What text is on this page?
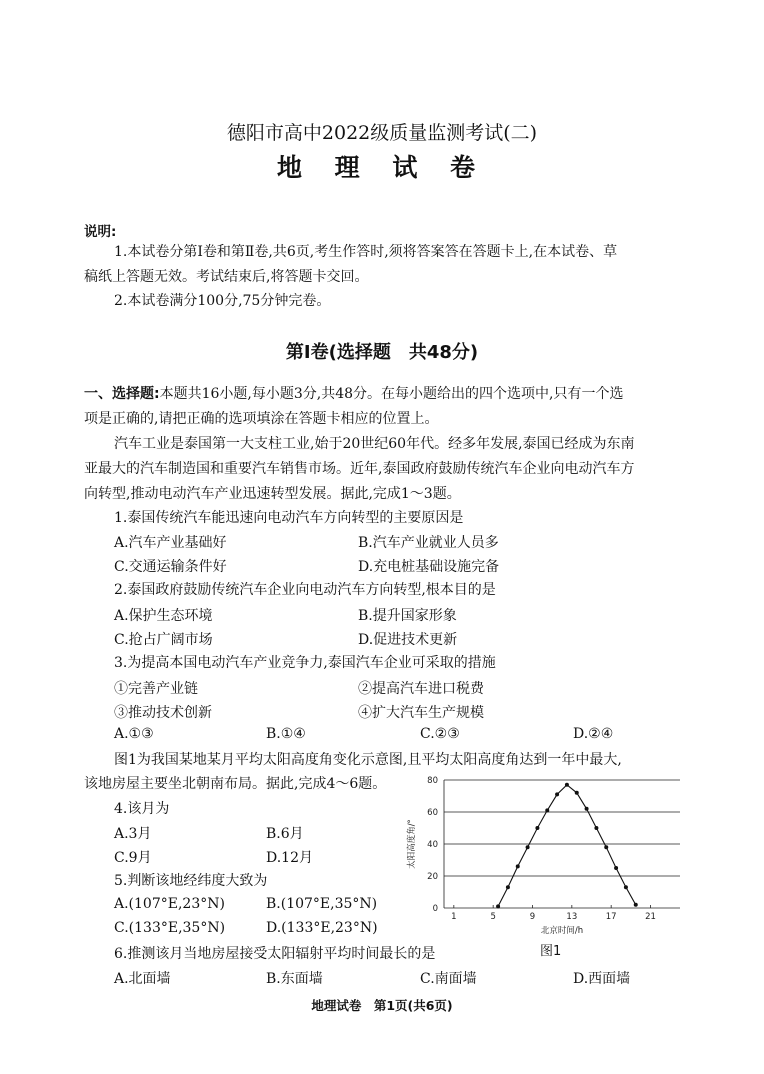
德阳市高中2022级质量监测考试(二)
地 理 试 卷
说明:
1.本试卷分第Ⅰ卷和第Ⅱ卷,共6页,考生作答时,须将答案答在答题卡上,在本试卷、草
稿纸上答题无效。考试结束后,将答题卡交回。
2.本试卷满分100分,75分钟完卷。
第Ⅰ卷(选择题　共48分)
一、选择题:本题共16小题,每小题3分,共48分。在每小题给出的四个选项中,只有一个选
项是正确的,请把正确的选项填涂在答题卡相应的位置上。
汽车工业是泰国第一大支柱工业,始于20世纪60年代。经多年发展,泰国已经成为东南
亚最大的汽车制造国和重要汽车销售市场。近年,泰国政府鼓励传统汽车企业向电动汽车方
向转型,推动电动汽车产业迅速转型发展。据此,完成1～3题。
1.泰国传统汽车能迅速向电动汽车方向转型的主要原因是
A.汽车产业基础好	B.汽车产业就业人员多
C.交通运输条件好	D.充电桩基础设施完备
2.泰国政府鼓励传统汽车企业向电动汽车方向转型,根本目的是
A.保护生态环境	B.提升国家形象
C.抢占广阔市场	D.促进技术更新
3.为提高本国电动汽车产业竞争力,泰国汽车企业可采取的措施
①完善产业链	②提高汽车进口税费
③推动技术创新	④扩大汽车生产规模
A.①③	B.①④	C.②③	D.②④
图1为我国某地某月平均太阳高度角变化示意图,且平均太阳高度角达到一年中最大,
该地房屋主要坐北朝南布局。据此,完成4～6题。
4.该月为
A.3月	B.6月
C.9月	D.12月
5.判断该地经纬度大致为
A.(107°E,23°N)	B.(107°E,35°N)
C.(133°E,35°N)	D.(133°E,23°N)
6.推测该月当地房屋接受太阳辐射平均时间最长的是
A.北面墙	B.东面墙	C.南面墙	D.西面墙
0
20
40
60
80
1	5	9	13	17	21
北京时间/h
太阳高度角/°
图1
地理试卷　第1页(共6页)
